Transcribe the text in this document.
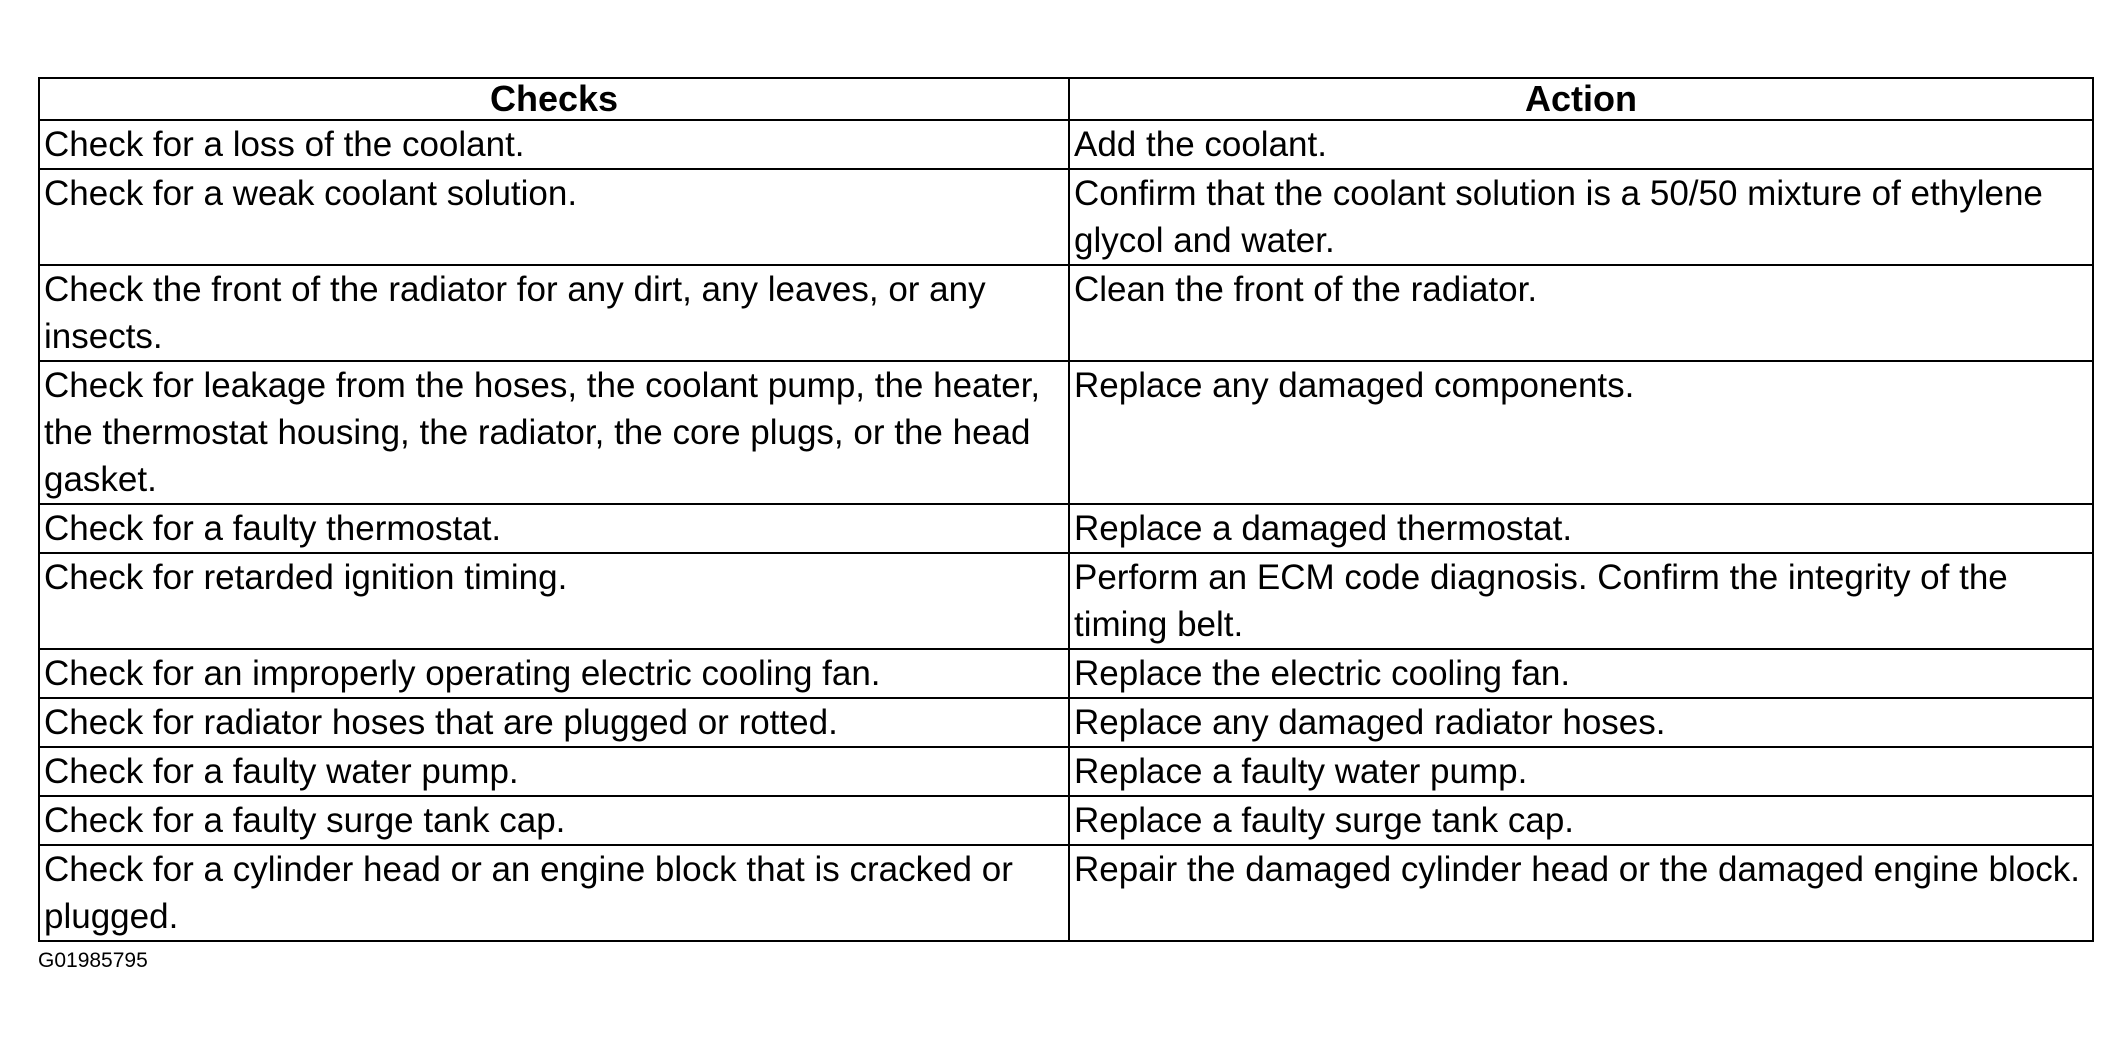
Checks	Action
Check for a loss of the coolant.	Add the coolant.
Check for a weak coolant solution.	Confirm that the coolant solution is a 50/50 mixture of ethylene glycol and water.
Check the front of the radiator for any dirt, any leaves, or any insects.	Clean the front of the radiator.
Check for leakage from the hoses, the coolant pump, the heater, the thermostat housing, the radiator, the core plugs, or the head gasket.	Replace any damaged components.
Check for a faulty thermostat.	Replace a damaged thermostat.
Check for retarded ignition timing.	Perform an ECM code diagnosis. Confirm the integrity of the timing belt.
Check for an improperly operating electric cooling fan.	Replace the electric cooling fan.
Check for radiator hoses that are plugged or rotted.	Replace any damaged radiator hoses.
Check for a faulty water pump.	Replace a faulty water pump.
Check for a faulty surge tank cap.	Replace a faulty surge tank cap.
Check for a cylinder head or an engine block that is cracked or plugged.	Repair the damaged cylinder head or the damaged engine block.
G01985795
